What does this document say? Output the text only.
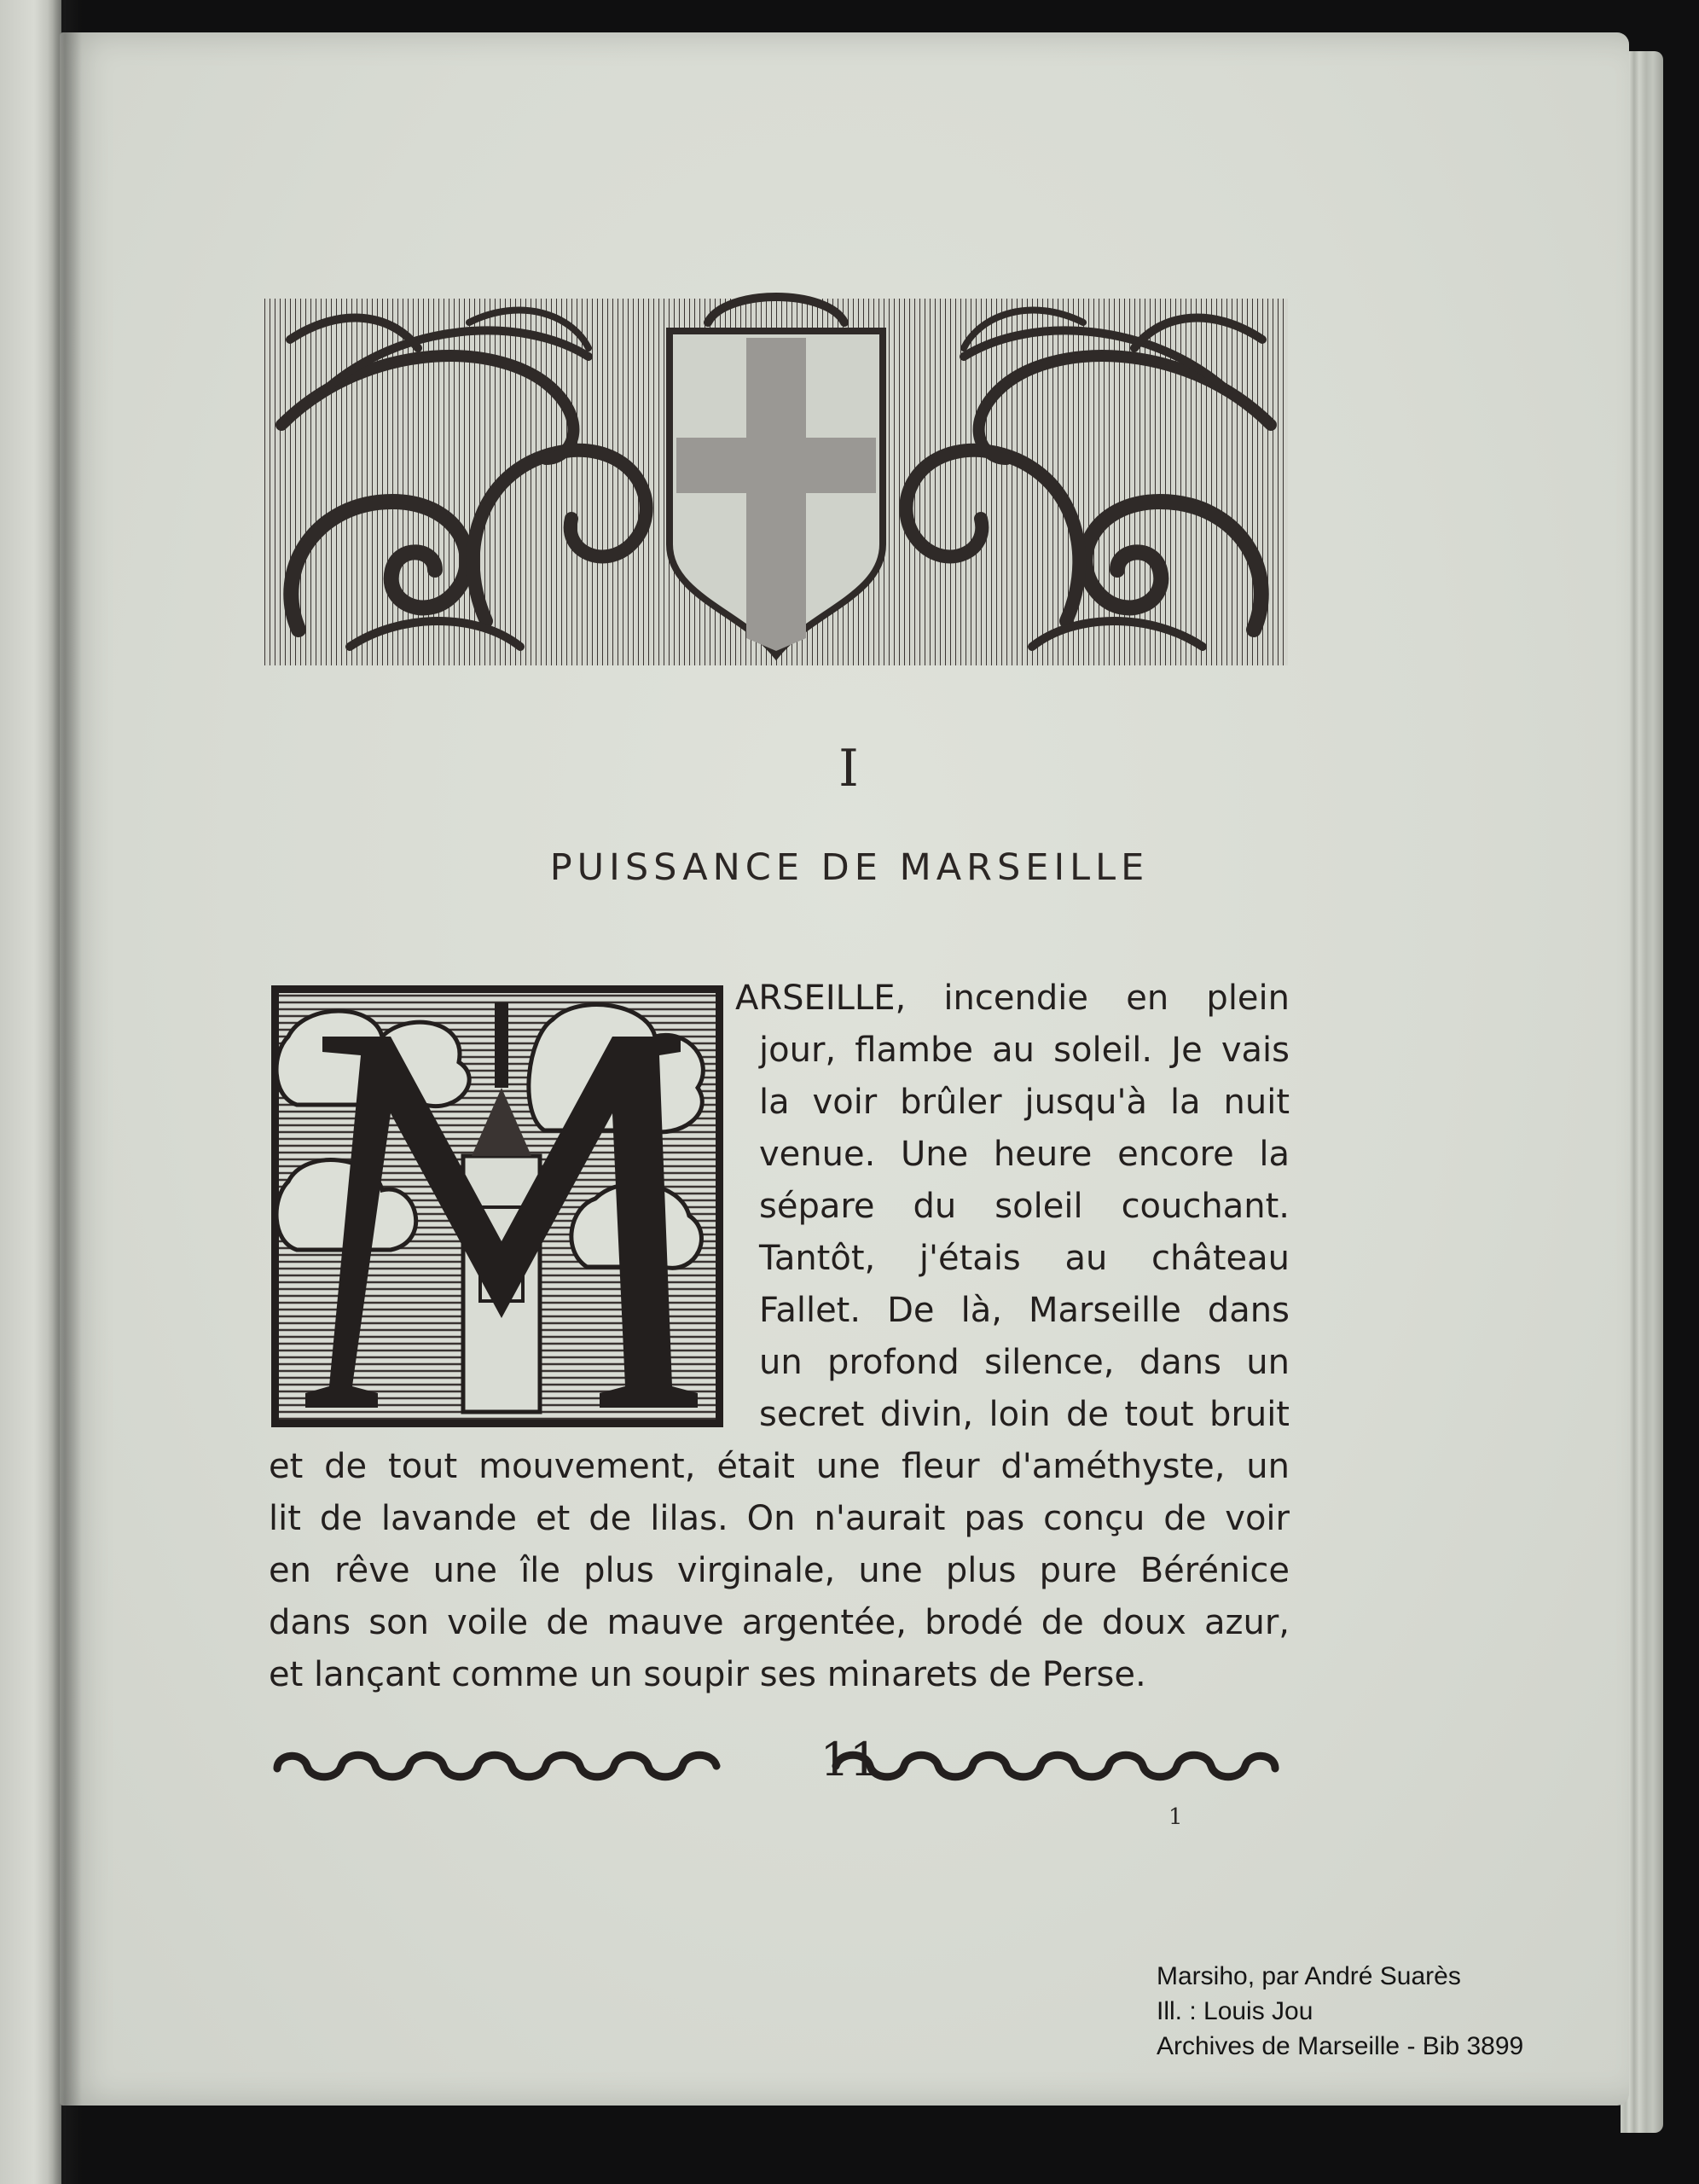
I
PUISSANCE DE MARSEILLE
ARSEILLE, incendie en plein
jour, flambe au soleil. Je vais
la voir brûler jusqu'à la nuit
venue. Une heure encore la
sépare du soleil couchant.
Tantôt, j'étais au château
Fallet. De là, Marseille dans
un profond silence, dans un
secret divin, loin de tout bruit
et de tout mouvement, était une fleur d'améthyste, un
lit de lavande et de lilas. On n'aurait pas conçu de voir
en rêve une île plus virginale, une plus pure Bérénice
dans son voile de mauve argentée, brodé de doux azur,
et lançant comme un soupir ses minarets de Perse.
11
1
Marsiho, par André Suarès
Ill. : Louis Jou
Archives de Marseille - Bib 3899
